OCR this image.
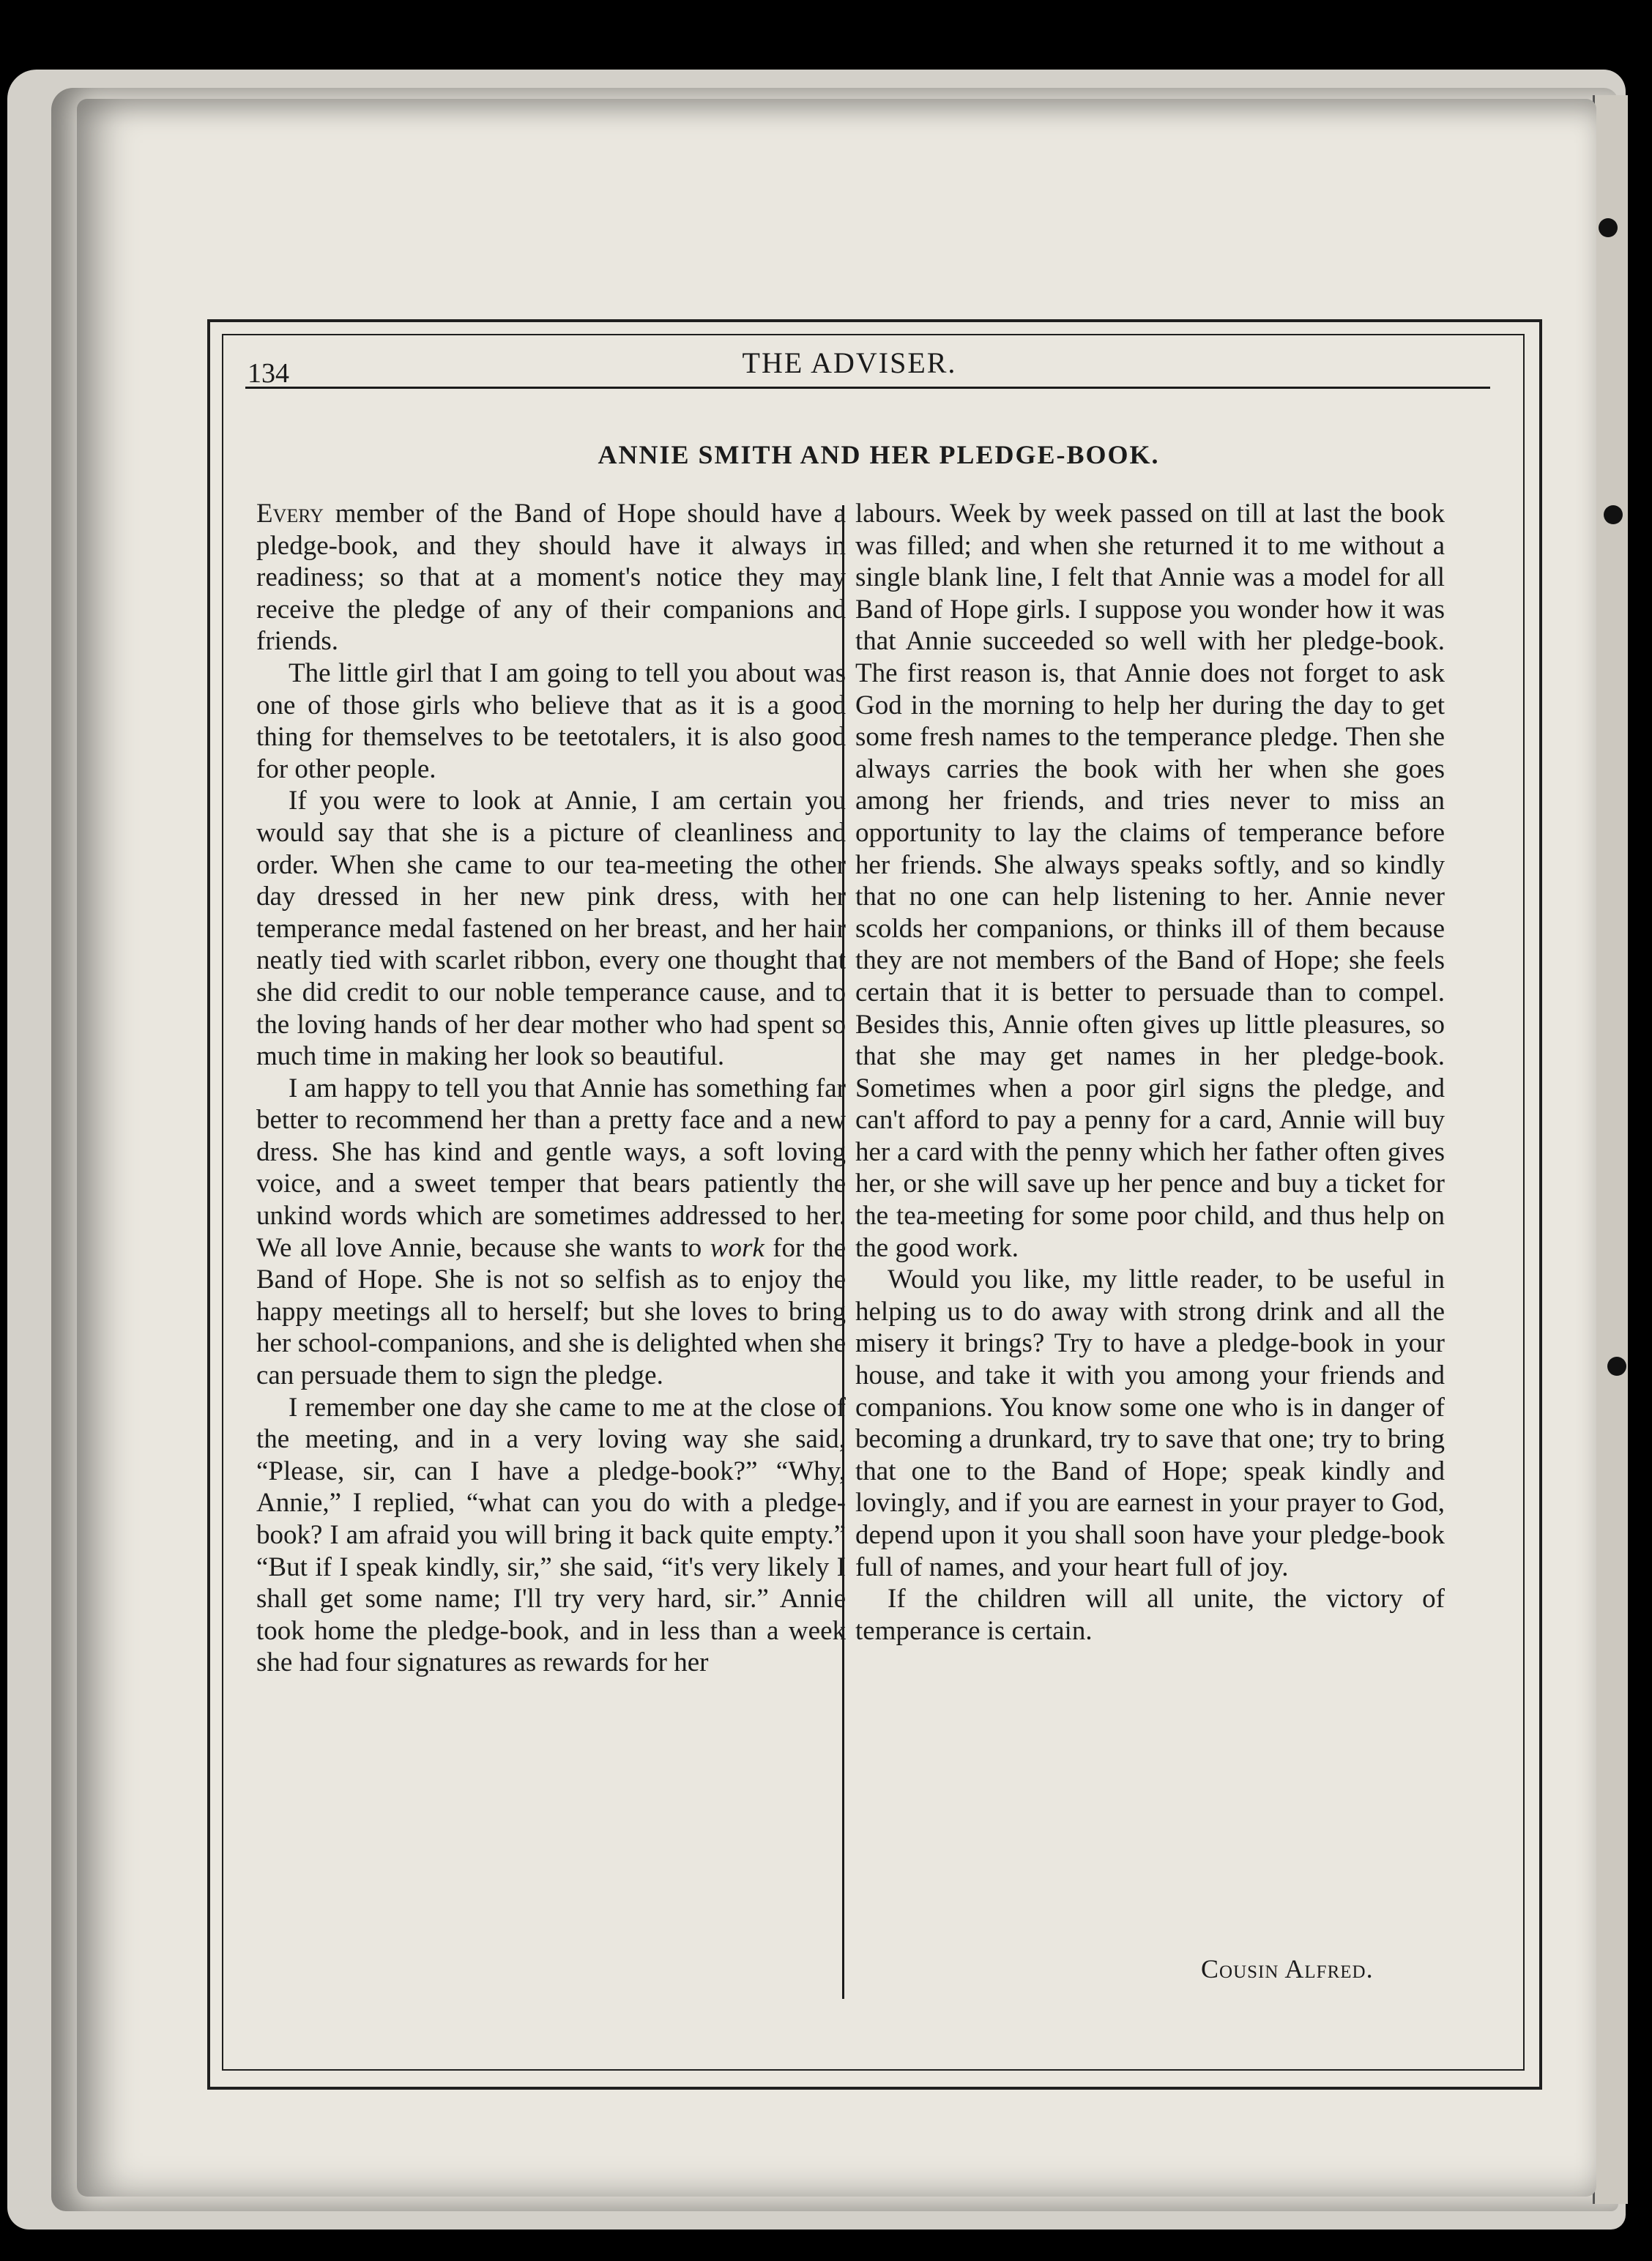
134	THE ADVISER.
ANNIE SMITH AND HER PLEDGE-BOOK.

Every member of the Band of Hope should have a pledge-book, and they should have it always in readiness; so that at a moment's notice they may receive the pledge of any of their companions and friends.

The little girl that I am going to tell you about was one of those girls who believe that as it is a good thing for themselves to be teetotalers, it is also good for other people.

If you were to look at Annie, I am certain you would say that she is a picture of cleanliness and order. When she came to our tea-meeting the other day dressed in her new pink dress, with her temperance medal fastened on her breast, and her hair neatly tied with scarlet ribbon, every one thought that she did credit to our noble temperance cause, and to the loving hands of her dear mother who had spent so much time in making her look so beautiful.

I am happy to tell you that Annie has something far better to recommend her than a pretty face and a new dress. She has kind and gentle ways, a soft loving voice, and a sweet temper that bears patiently the unkind words which are sometimes addressed to her. We all love Annie, because she wants to work for the Band of Hope. She is not so selfish as to enjoy the happy meetings all to herself; but she loves to bring her school-companions, and she is delighted when she can persuade them to sign the pledge.

I remember one day she came to me at the close of the meeting, and in a very loving way she said, “Please, sir, can I have a pledge-book?” “Why, Annie,” I replied, “what can you do with a pledge-book? I am afraid you will bring it back quite empty.” “But if I speak kindly, sir,” she said, “it's very likely I shall get some name; I'll try very hard, sir.” Annie took home the pledge-book, and in less than a week she had four signatures as rewards for her

labours. Week by week passed on till at last the book was filled; and when she returned it to me without a single blank line, I felt that Annie was a model for all Band of Hope girls. I suppose you wonder how it was that Annie succeeded so well with her pledge-book. The first reason is, that Annie does not forget to ask God in the morning to help her during the day to get some fresh names to the temperance pledge. Then she always carries the book with her when she goes among her friends, and tries never to miss an opportunity to lay the claims of temperance before her friends. She always speaks softly, and so kindly that no one can help listening to her. Annie never scolds her companions, or thinks ill of them because they are not members of the Band of Hope; she feels certain that it is better to persuade than to compel. Besides this, Annie often gives up little pleasures, so that she may get names in her pledge-book. Sometimes when a poor girl signs the pledge, and can't afford to pay a penny for a card, Annie will buy her a card with the penny which her father often gives her, or she will save up her pence and buy a ticket for the tea-meeting for some poor child, and thus help on the good work.

Would you like, my little reader, to be useful in helping us to do away with strong drink and all the misery it brings? Try to have a pledge-book in your house, and take it with you among your friends and companions. You know some one who is in danger of becoming a drunkard, try to save that one; try to bring that one to the Band of Hope; speak kindly and lovingly, and if you are earnest in your prayer to God, depend upon it you shall soon have your pledge-book full of names, and your heart full of joy.

If the children will all unite, the victory of temperance is certain.

Cousin Alfred.
